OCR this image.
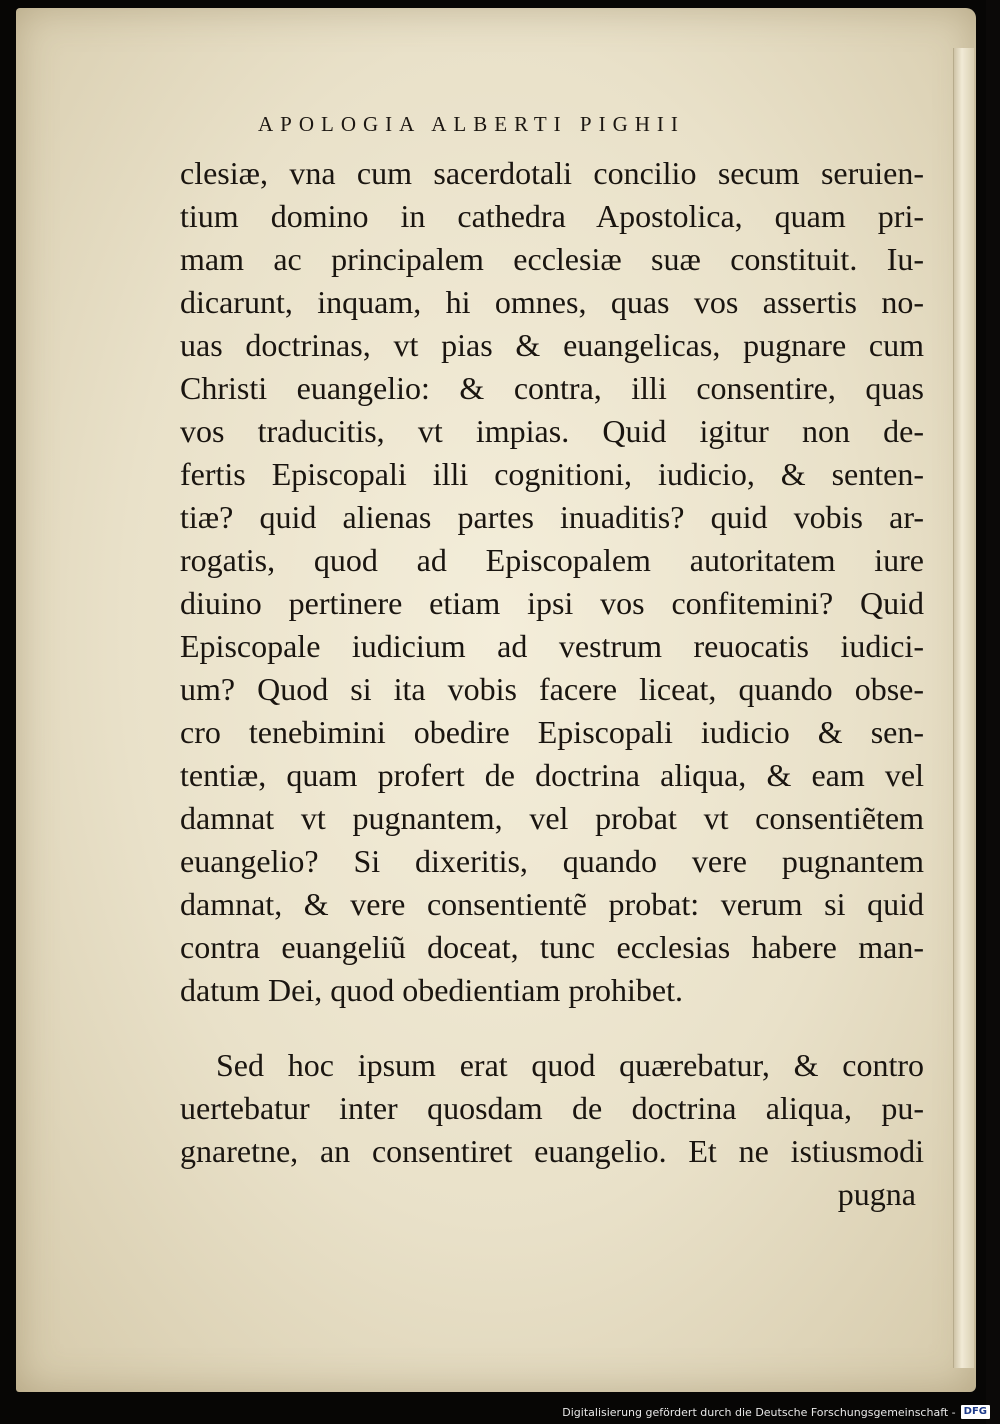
APOLOGIA ALBERTI PIGHII
clesiæ, vna cum sacerdotali concilio secum seruien-
tium domino in cathedra Apostolica, quam pri-
mam ac principalem ecclesiæ suæ constituit. Iu-
dicarunt, inquam, hi omnes, quas vos assertis no-
uas doctrinas, vt pias & euangelicas, pugnare cum
Christi euangelio: & contra, illi consentire, quas
vos traducitis, vt impias. Quid igitur non de-
fertis Episcopali illi cognitioni, iudicio, & senten-
tiæ? quid alienas partes inuaditis? quid vobis ar-
rogatis, quod ad Episcopalem autoritatem iure
diuino pertinere etiam ipsi vos confitemini? Quid
Episcopale iudicium ad vestrum reuocatis iudici-
um? Quod si ita vobis facere liceat, quando obse-
cro tenebimini obedire Episcopali iudicio & sen-
tentiæ, quam profert de doctrina aliqua, & eam vel
damnat vt pugnantem, vel probat vt consentiẽtem
euangelio? Si dixeritis, quando vere pugnantem
damnat, & vere consentientẽ probat: verum si quid
contra euangeliũ doceat, tunc ecclesias habere man-
datum Dei, quod obedientiam prohibet.
Sed hoc ipsum erat quod quærebatur, & contro
uertebatur inter quosdam de doctrina aliqua, pu-
gnaretne, an consentiret euangelio. Et ne istiusmodi
pugna
Digitalisierung gefördert durch die Deutsche Forschungsgemeinschaft - DFG
